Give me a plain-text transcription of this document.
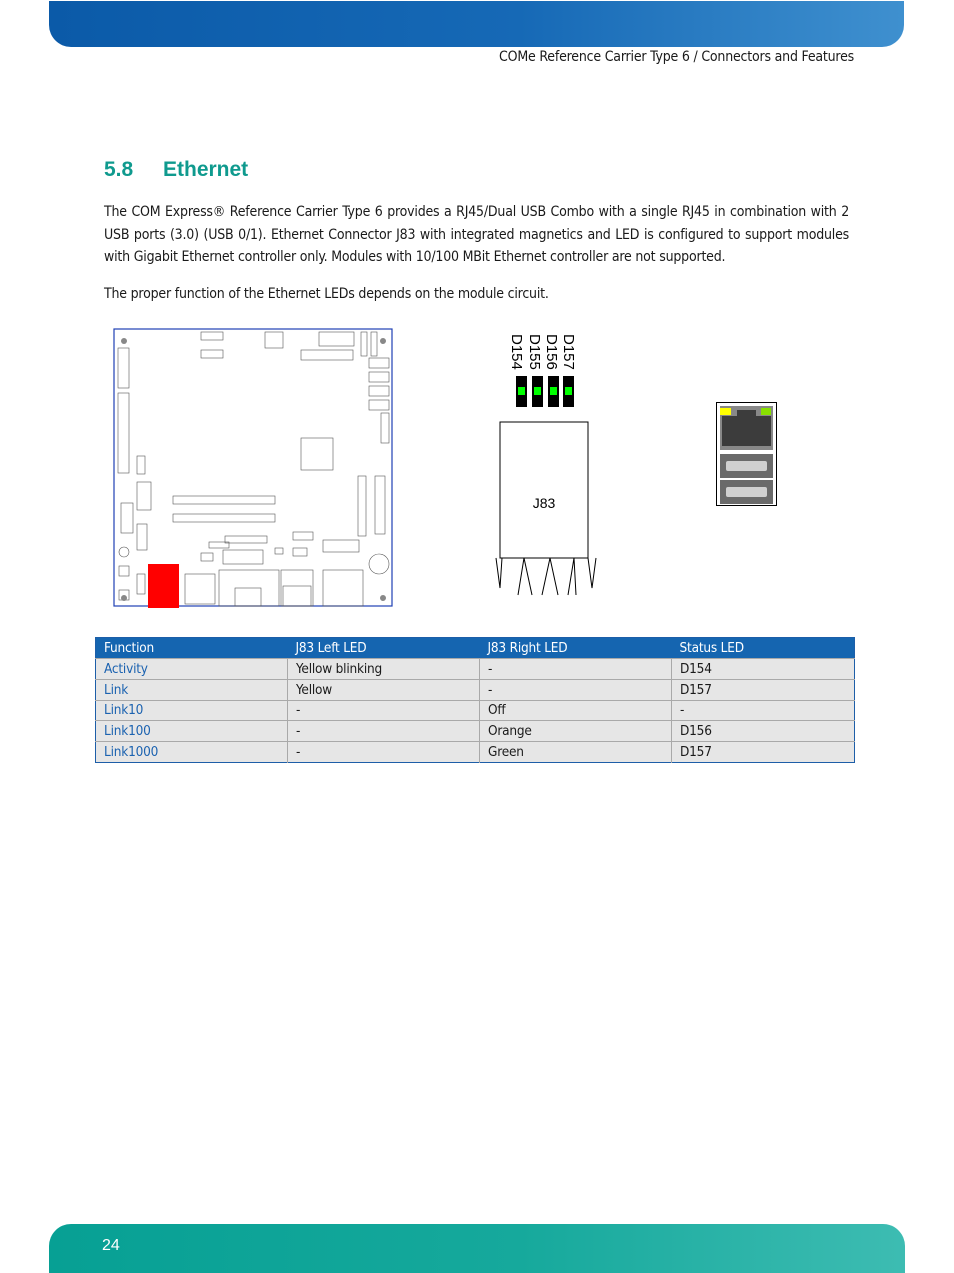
COMe Reference Carrier Type 6 / Connectors and Features
5.8 Ethernet

The COM Express® Reference Carrier Type 6 provides a RJ45/Dual USB Combo with a single RJ45 in combination with 2 USB ports (3.0) (USB 0/1). Ethernet Connector J83 with integrated magnetics and LED is configured to support modules with Gigabit Ethernet controller only. Modules with 10/100 MBit Ethernet controller are not supported.

The proper function of the Ethernet LEDs depends on the module circuit.

D154 D155 D156 D157
J83
Function	J83 Left LED	J83 Right LED	Status LED
Activity	Yellow blinking	-	D154
Link	Yellow	-	D157
Link10	-	Off	-
Link100	-	Orange	D156
Link1000	-	Green	D157
24
